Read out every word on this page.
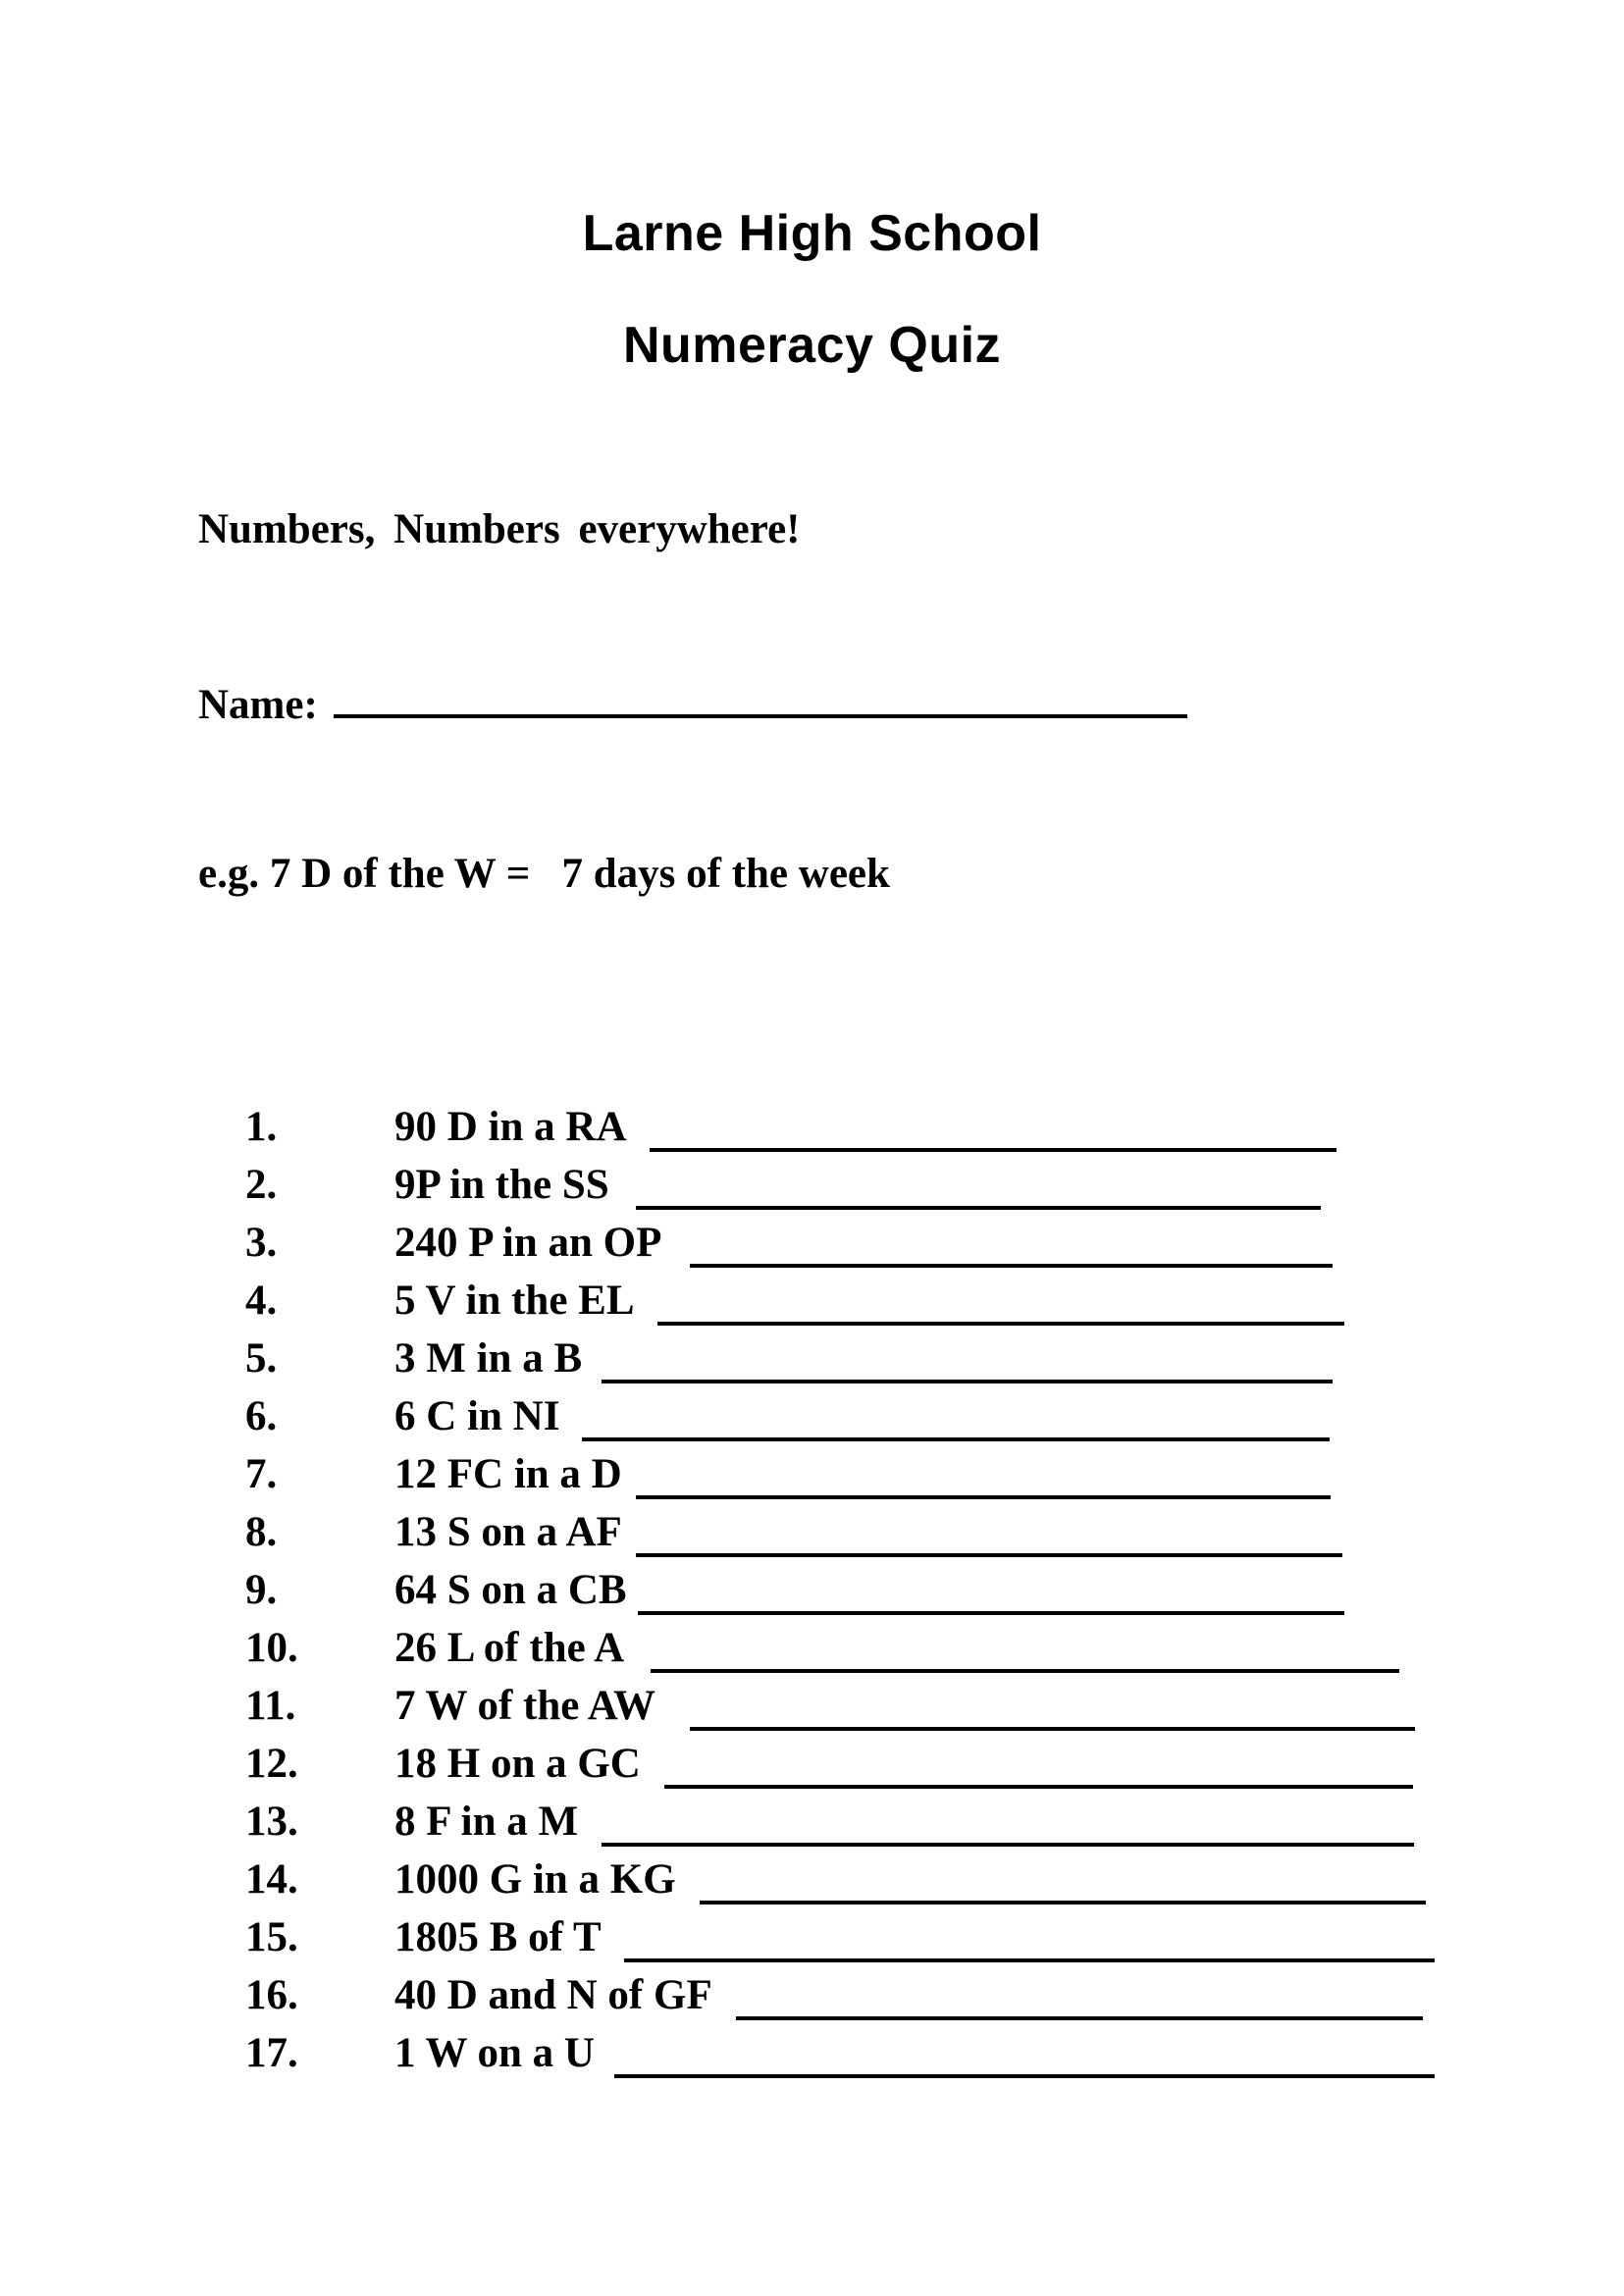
Larne High School
Numeracy Quiz
Numbers, Numbers everywhere!
Name:
e.g. 7 D of the W =   7 days of the week
1.	90 D in a RA
2.	9P in the SS
3.	240 P in an OP
4.	5 V in the EL
5.	3 M in a B
6.	6 C in NI
7.	12 FC in a D
8.	13 S on a AF
9.	64 S on a CB
10. 26 L of the A
11. 7 W of the AW
12. 18 H on a GC
13. 8 F in a M
14. 1000 G in a KG
15. 1805 B of T
16. 40 D and N of GF
17. 1 W on a U
